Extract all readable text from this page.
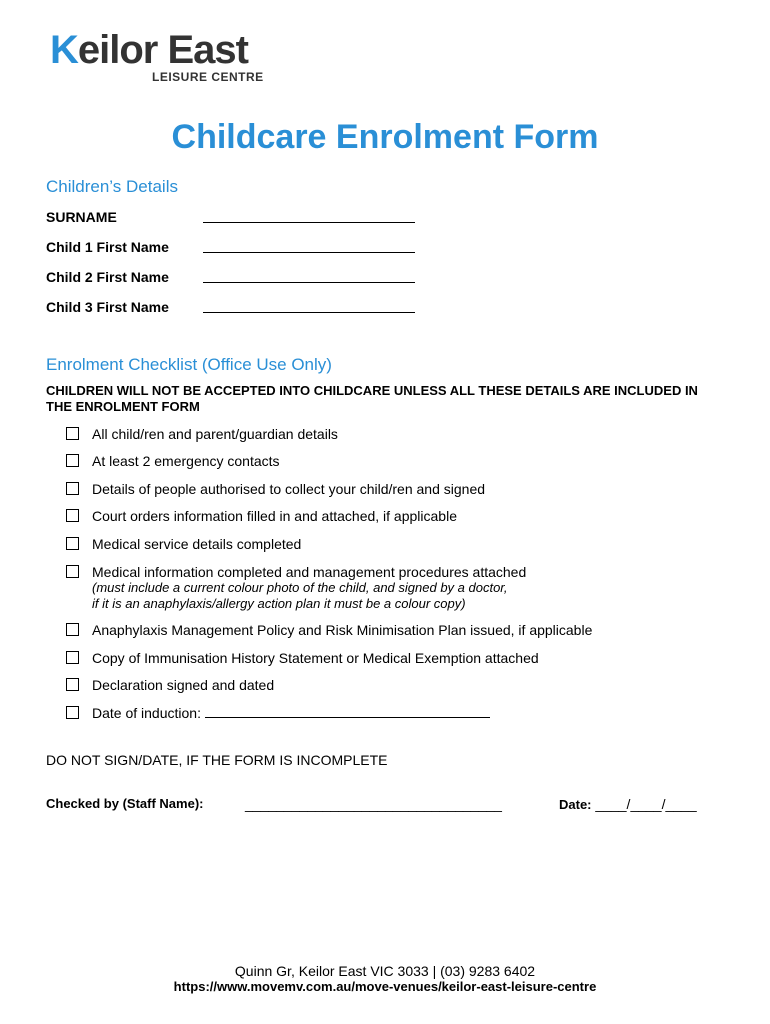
Keilor East
LEISURE CENTRE
Childcare Enrolment Form
Children’s Details
SURNAME
Child 1 First Name
Child 2 First Name
Child 3 First Name
Enrolment Checklist (Office Use Only)
CHILDREN WILL NOT BE ACCEPTED INTO CHILDCARE UNLESS ALL THESE DETAILS ARE INCLUDED IN THE ENROLMENT FORM
All child/ren and parent/guardian details
At least 2 emergency contacts
Details of people authorised to collect your child/ren and signed
Court orders information filled in and attached, if applicable
Medical service details completed
Medical information completed and management procedures attached
(must include a current colour photo of the child, and signed by a doctor,
if it is an anaphylaxis/allergy action plan it must be a colour copy)
Anaphylaxis Management Policy and Risk Minimisation Plan issued, if applicable
Copy of Immunisation History Statement or Medical Exemption attached
Declaration signed and dated
Date of induction:
DO NOT SIGN/DATE, IF THE FORM IS INCOMPLETE
Checked by (Staff Name):	_________________________________	Date: ____/____/____
Quinn Gr, Keilor East VIC 3033 | (03) 9283 6402
https://www.movemv.com.au/move-venues/keilor-east-leisure-centre
